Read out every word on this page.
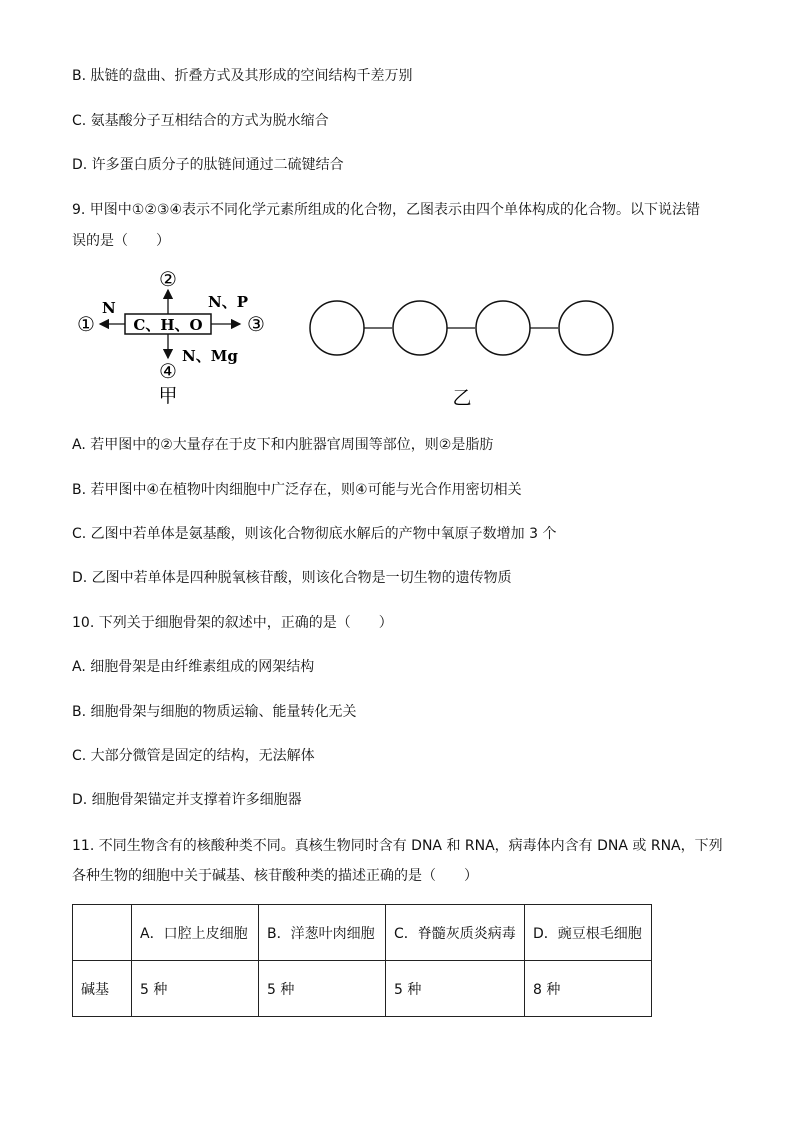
B. 肽链的盘曲、折叠方式及其形成的空间结构千差万别
C. 氨基酸分子互相结合的方式为脱水缩合
D. 许多蛋白质分子的肽链间通过二硫键结合
9. 甲图中①②③④表示不同化学元素所组成的化合物，乙图表示由四个单体构成的化合物。以下说法错
误的是（　　）
C、H、O
N
①
②
N、P
③
N、Mg
④
甲	乙
A. 若甲图中的②大量存在于皮下和内脏器官周围等部位，则②是脂肪
B. 若甲图中④在植物叶肉细胞中广泛存在，则④可能与光合作用密切相关
C. 乙图中若单体是氨基酸，则该化合物彻底水解后的产物中氧原子数增加 3 个
D. 乙图中若单体是四种脱氧核苷酸，则该化合物是一切生物的遗传物质
10. 下列关于细胞骨架的叙述中，正确的是（　　）
A. 细胞骨架是由纤维素组成的网架结构
B. 细胞骨架与细胞的物质运输、能量转化无关
C. 大部分微管是固定的结构，无法解体
D. 细胞骨架锚定并支撑着许多细胞器
11. 不同生物含有的核酸种类不同。真核生物同时含有 DNA 和 RNA，病毒体内含有 DNA 或 RNA，下列
各种生物的细胞中关于碱基、核苷酸种类的描述正确的是（　　）
	A．口腔上皮细胞	B．洋葱叶肉细胞	C．脊髓灰质炎病毒	D．豌豆根毛细胞
碱基	5 种	5 种	5 种	8 种
